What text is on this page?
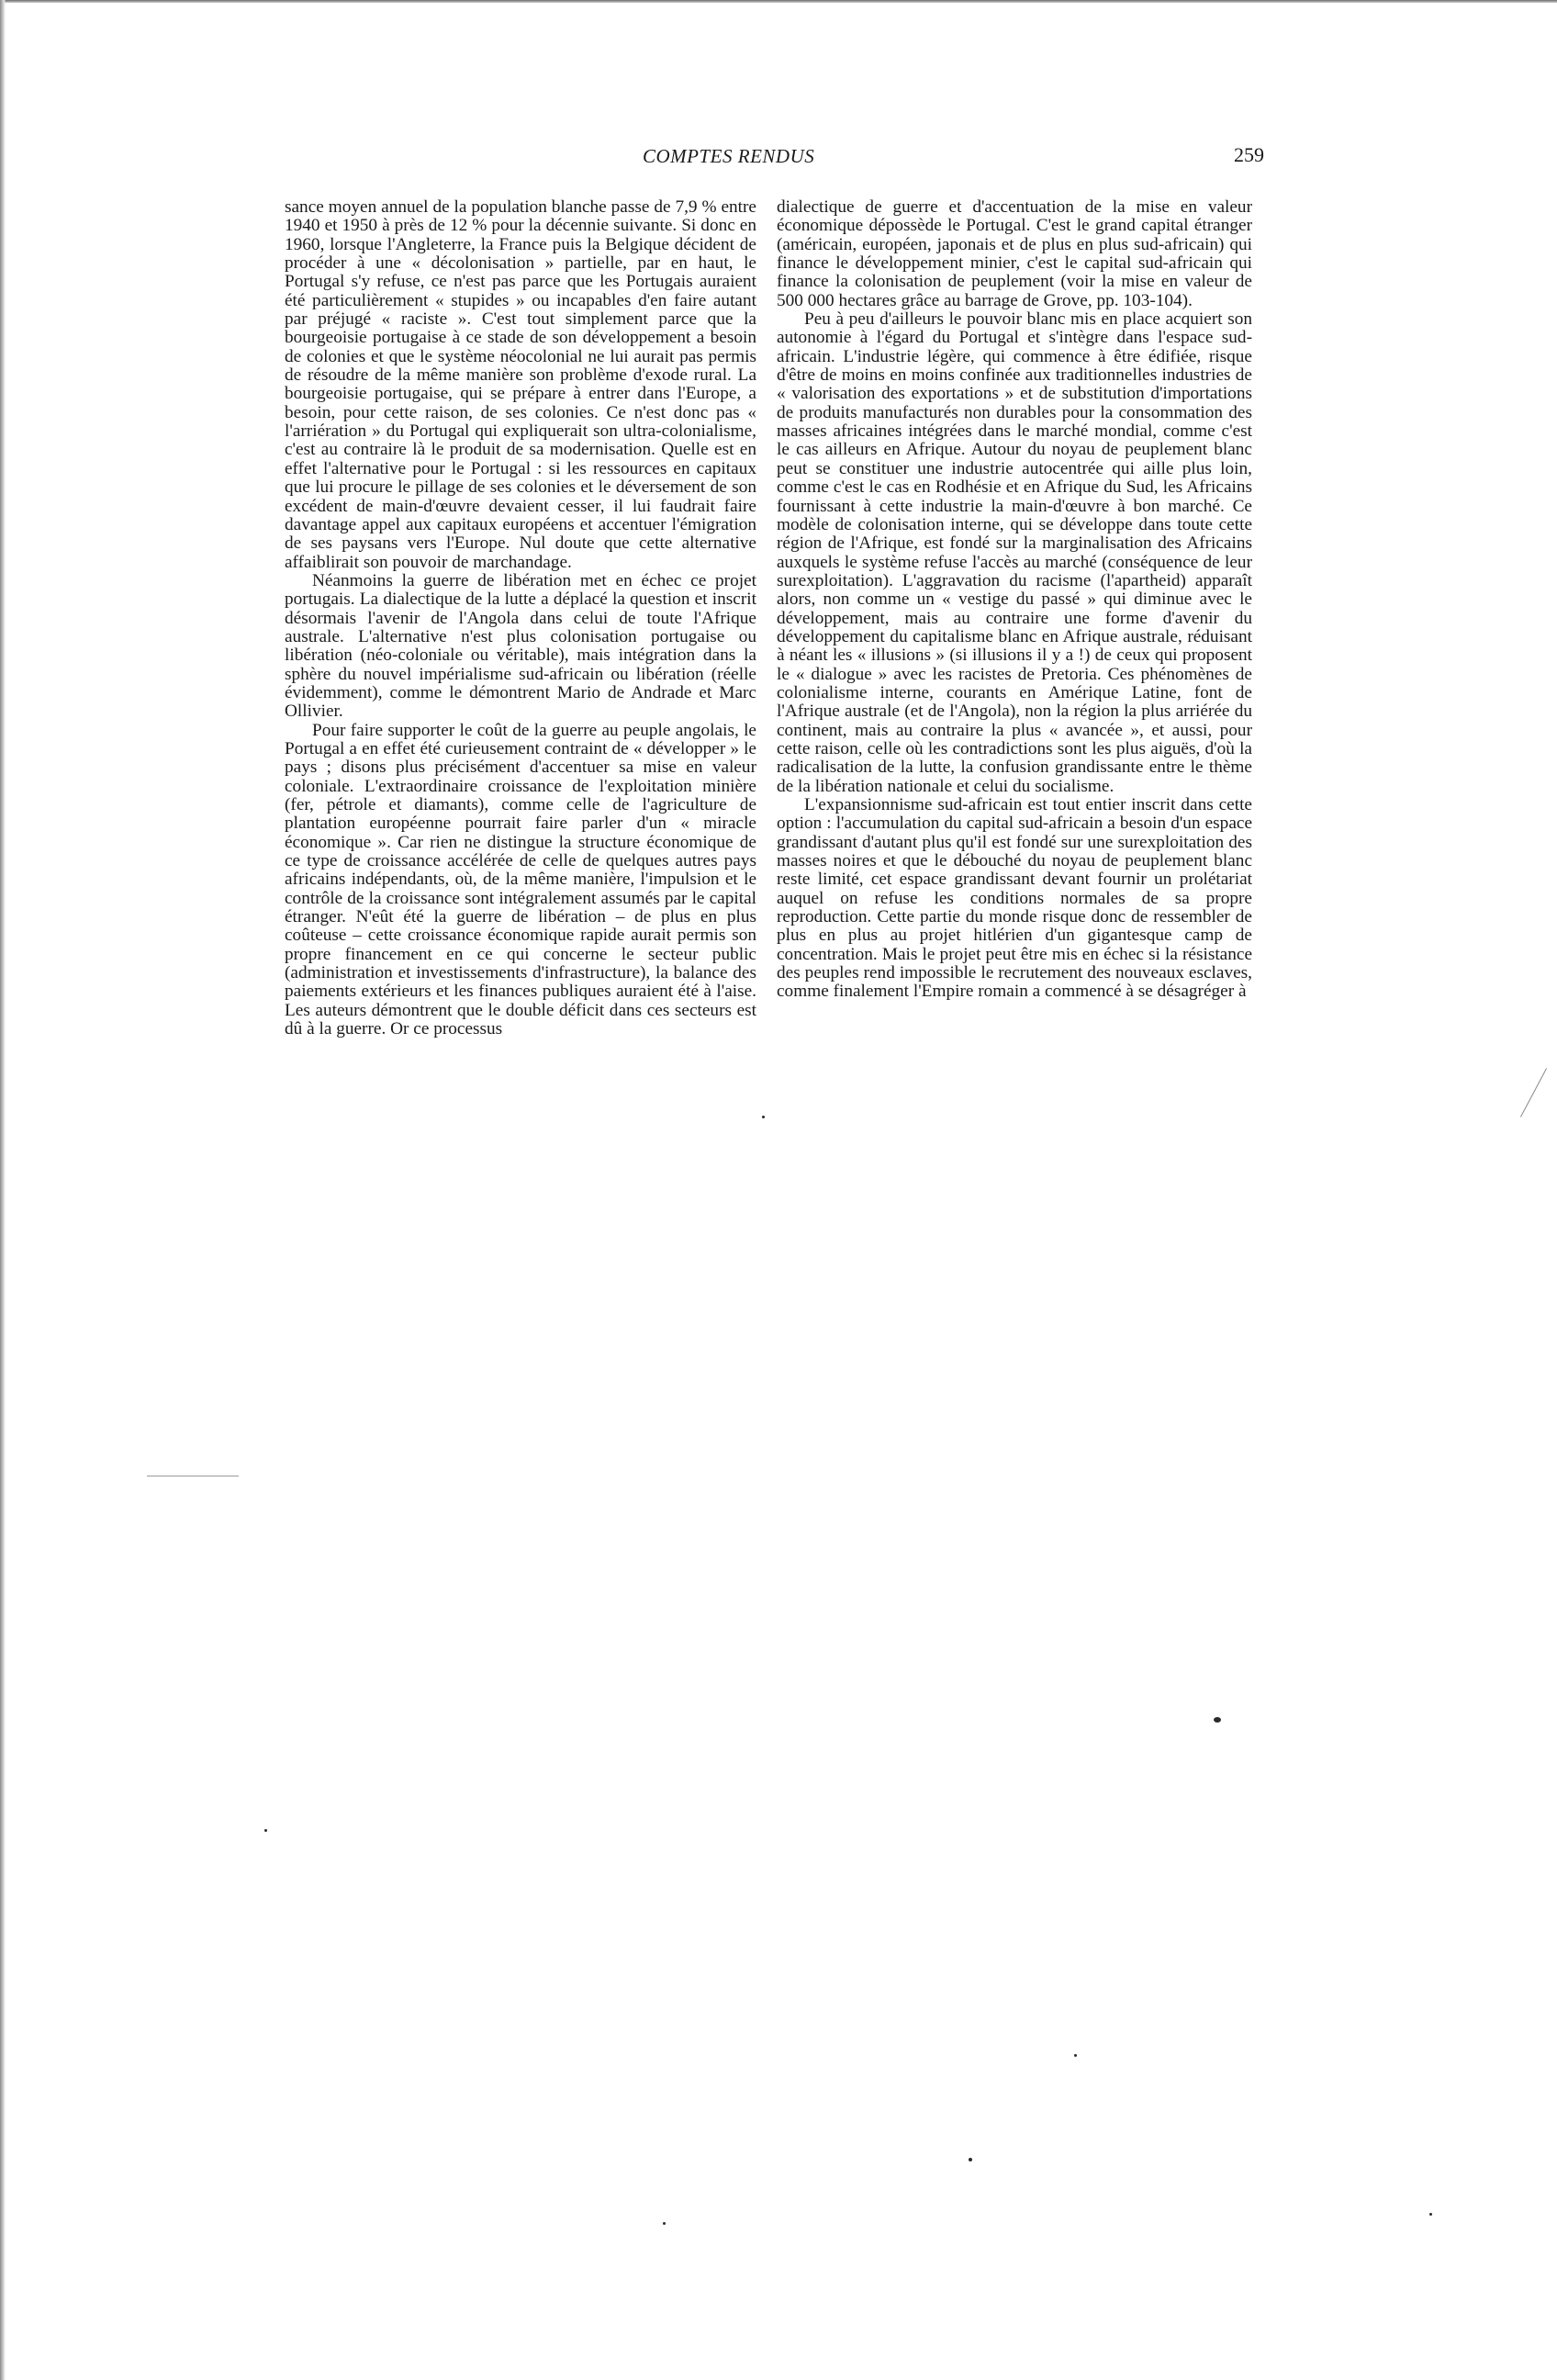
COMPTES RENDUS	259

sance moyen annuel de la population blanche passe de 7,9 % entre 1940 et 1950 à près de 12 % pour la décennie suivante. Si donc en 1960, lorsque l'Angleterre, la France puis la Belgique décident de procéder à une « décolonisation » partielle, par en haut, le Portugal s'y refuse, ce n'est pas parce que les Portugais auraient été particulièrement « stupides » ou incapables d'en faire autant par préjugé « raciste ». C'est tout simplement parce que la bourgeoisie portugaise à ce stade de son développement a besoin de colonies et que le système néocolonial ne lui aurait pas permis de résoudre de la même manière son problème d'exode rural. La bourgeoisie portugaise, qui se prépare à entrer dans l'Europe, a besoin, pour cette raison, de ses colonies. Ce n'est donc pas « l'arriération » du Portugal qui expliquerait son ultra-colonialisme, c'est au contraire là le produit de sa modernisation. Quelle est en effet l'alternative pour le Portugal : si les ressources en capitaux que lui procure le pillage de ses colonies et le déversement de son excédent de main-d'œuvre devaient cesser, il lui faudrait faire davantage appel aux capitaux européens et accentuer l'émigration de ses paysans vers l'Europe. Nul doute que cette alternative affaiblirait son pouvoir de marchandage.

Néanmoins la guerre de libération met en échec ce projet portugais. La dialectique de la lutte a déplacé la question et inscrit désormais l'avenir de l'Angola dans celui de toute l'Afrique australe. L'alternative n'est plus colonisation portugaise ou libération (néo-coloniale ou véritable), mais intégration dans la sphère du nouvel impérialisme sud-africain ou libération (réelle évidemment), comme le démontrent Mario de Andrade et Marc Ollivier.

Pour faire supporter le coût de la guerre au peuple angolais, le Portugal a en effet été curieusement contraint de « développer » le pays ; disons plus précisément d'accentuer sa mise en valeur coloniale. L'extraordinaire croissance de l'exploitation minière (fer, pétrole et diamants), comme celle de l'agriculture de plantation européenne pourrait faire parler d'un « miracle économique ». Car rien ne distingue la structure économique de ce type de croissance accélérée de celle de quelques autres pays africains indépendants, où, de la même manière, l'impulsion et le contrôle de la croissance sont intégralement assumés par le capital étranger. N'eût été la guerre de libération – de plus en plus coûteuse – cette croissance économique rapide aurait permis son propre financement en ce qui concerne le secteur public (administration et investissements d'infrastructure), la balance des paiements extérieurs et les finances publiques auraient été à l'aise. Les auteurs démontrent que le double déficit dans ces secteurs est dû à la guerre. Or ce processus

dialectique de guerre et d'accentuation de la mise en valeur économique dépossède le Portugal. C'est le grand capital étranger (américain, européen, japonais et de plus en plus sud-africain) qui finance le développement minier, c'est le capital sud-africain qui finance la colonisation de peuplement (voir la mise en valeur de 500 000 hectares grâce au barrage de Grove, pp. 103-104).

Peu à peu d'ailleurs le pouvoir blanc mis en place acquiert son autonomie à l'égard du Portugal et s'intègre dans l'espace sud-africain. L'industrie légère, qui commence à être édifiée, risque d'être de moins en moins confinée aux traditionnelles industries de « valorisation des exportations » et de substitution d'importations de produits manufacturés non durables pour la consommation des masses africaines intégrées dans le marché mondial, comme c'est le cas ailleurs en Afrique. Autour du noyau de peuplement blanc peut se constituer une industrie autocentrée qui aille plus loin, comme c'est le cas en Rodhésie et en Afrique du Sud, les Africains fournissant à cette industrie la main-d'œuvre à bon marché. Ce modèle de colonisation interne, qui se développe dans toute cette région de l'Afrique, est fondé sur la marginalisation des Africains auxquels le système refuse l'accès au marché (conséquence de leur surexploitation). L'aggravation du racisme (l'apartheid) apparaît alors, non comme un « vestige du passé » qui diminue avec le développement, mais au contraire une forme d'avenir du développement du capitalisme blanc en Afrique australe, réduisant à néant les « illusions » (si illusions il y a !) de ceux qui proposent le « dialogue » avec les racistes de Pretoria. Ces phénomènes de colonialisme interne, courants en Amérique Latine, font de l'Afrique australe (et de l'Angola), non la région la plus arriérée du continent, mais au contraire la plus « avancée », et aussi, pour cette raison, celle où les contradictions sont les plus aiguës, d'où la radicalisation de la lutte, la confusion grandissante entre le thème de la libération nationale et celui du socialisme.

L'expansionnisme sud-africain est tout entier inscrit dans cette option : l'accumulation du capital sud-africain a besoin d'un espace grandissant d'autant plus qu'il est fondé sur une surexploitation des masses noires et que le débouché du noyau de peuplement blanc reste limité, cet espace grandissant devant fournir un prolétariat auquel on refuse les conditions normales de sa propre reproduction. Cette partie du monde risque donc de ressembler de plus en plus au projet hitlérien d'un gigantesque camp de concentration. Mais le projet peut être mis en échec si la résistance des peuples rend impossible le recrutement des nouveaux esclaves, comme finalement l'Empire romain a commencé à se désagréger à
